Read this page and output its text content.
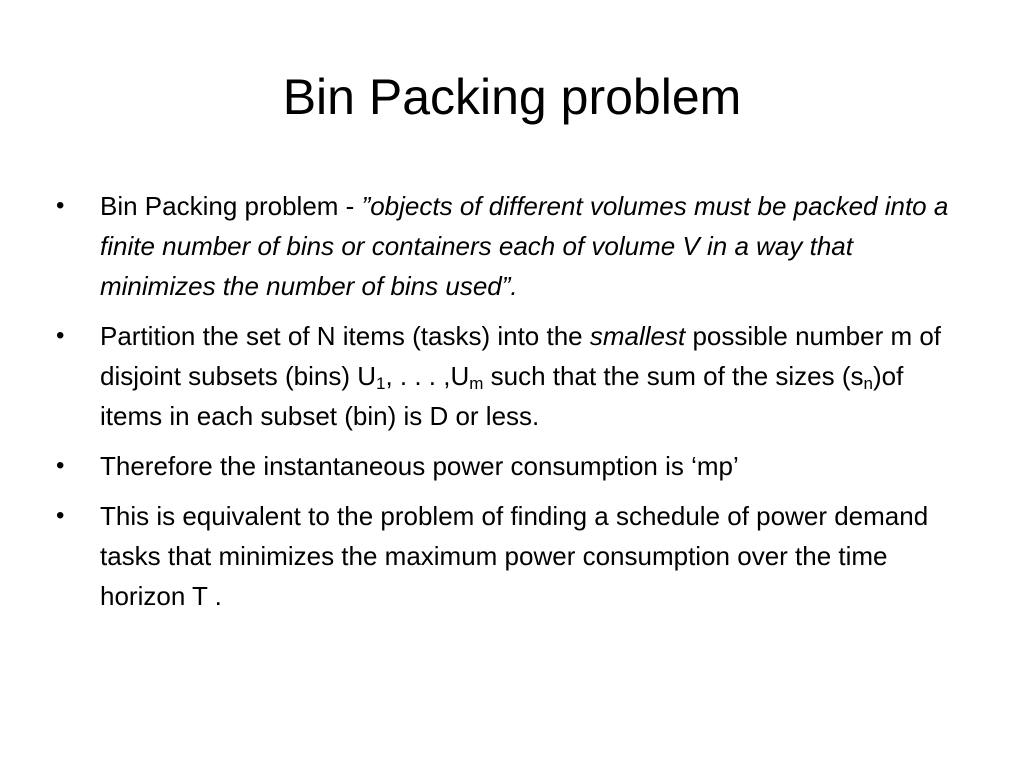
Bin Packing problem
•	Bin Packing problem - ”objects of different volumes must be packed into a finite number of bins or containers each of volume V in a way that minimizes the number of bins used”.
•	Partition the set of N items (tasks) into the smallest possible number m of disjoint subsets (bins) $U_1$, . . . $,U_m$ such that the sum of the sizes $(s_n)of$ items in each subset (bin) is D or less.
•	Therefore the instantaneous power consumption is ‘mp’
•	This is equivalent to the problem of finding a schedule of power demand tasks that minimizes the maximum power consumption over the time horizon T .
